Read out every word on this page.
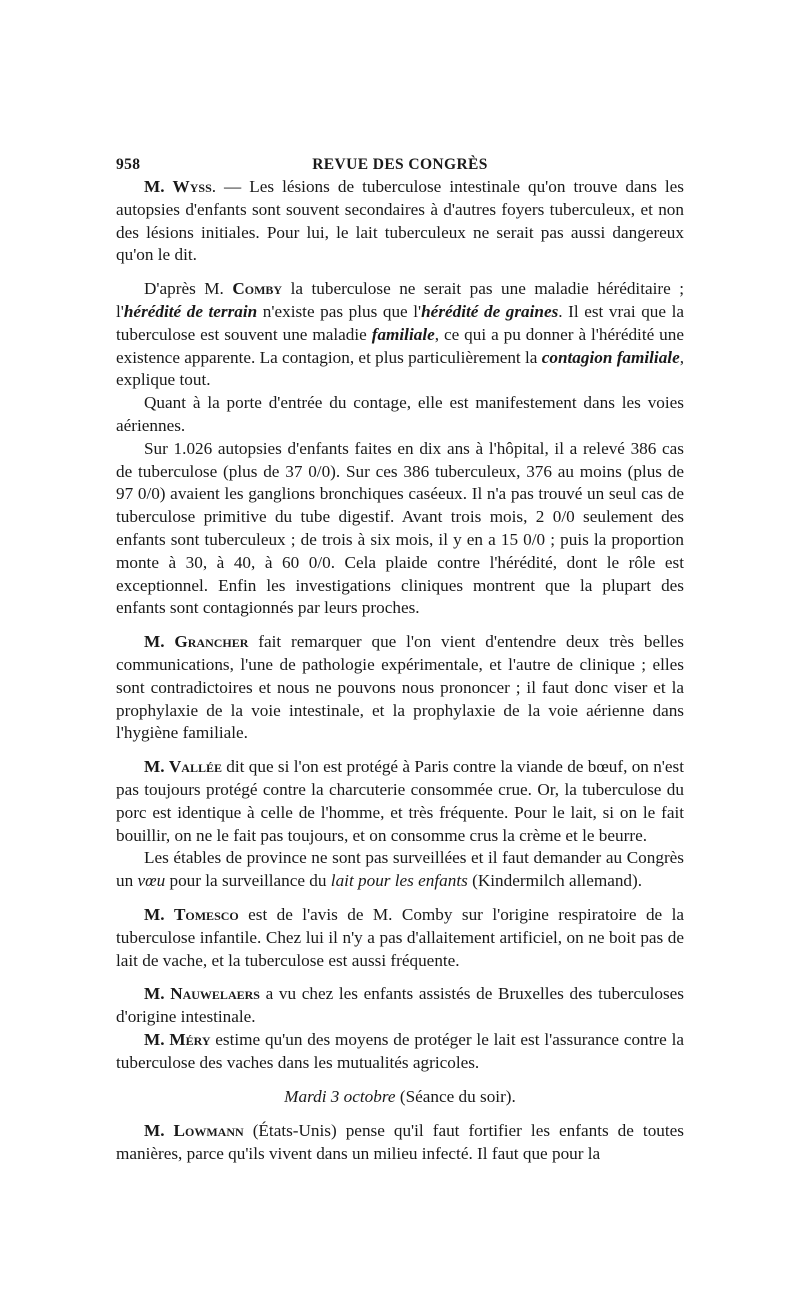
958	REVUE DES CONGRÈS

M. Wyss. — Les lésions de tuberculose intestinale qu'on trouve dans les autopsies d'enfants sont souvent secondaires à d'autres foyers tuberculeux, et non des lésions initiales. Pour lui, le lait tuberculeux ne serait pas aussi dangereux qu'on le dit.

D'après M. Comby la tuberculose ne serait pas une maladie héréditaire ; l'hérédité de terrain n'existe pas plus que l'hérédité de graines. Il est vrai que la tuberculose est souvent une maladie familiale, ce qui a pu donner à l'hérédité une existence apparente. La contagion, et plus particulièrement la contagion familiale, explique tout.

Quant à la porte d'entrée du contage, elle est manifestement dans les voies aériennes.

Sur 1.026 autopsies d'enfants faites en dix ans à l'hôpital, il a relevé 386 cas de tuberculose (plus de 37 0/0). Sur ces 386 tuberculeux, 376 au moins (plus de 97 0/0) avaient les ganglions bronchiques caséeux. Il n'a pas trouvé un seul cas de tuberculose primitive du tube digestif. Avant trois mois, 2 0/0 seulement des enfants sont tuberculeux ; de trois à six mois, il y en a 15 0/0 ; puis la proportion monte à 30, à 40, à 60 0/0. Cela plaide contre l'hérédité, dont le rôle est exceptionnel. Enfin les investigations cliniques montrent que la plupart des enfants sont contagionnés par leurs proches.

M. Grancher fait remarquer que l'on vient d'entendre deux très belles communications, l'une de pathologie expérimentale, et l'autre de clinique ; elles sont contradictoires et nous ne pouvons nous prononcer ; il faut donc viser et la prophylaxie de la voie intestinale, et la prophylaxie de la voie aérienne dans l'hygiène familiale.

M. Vallée dit que si l'on est protégé à Paris contre la viande de bœuf, on n'est pas toujours protégé contre la charcuterie consommée crue. Or, la tuberculose du porc est identique à celle de l'homme, et très fréquente. Pour le lait, si on le fait bouillir, on ne le fait pas toujours, et on consomme crus la crème et le beurre.

Les étables de province ne sont pas surveillées et il faut demander au Congrès un vœu pour la surveillance du lait pour les enfants (Kindermilch allemand).

M. Tomesco est de l'avis de M. Comby sur l'origine respiratoire de la tuberculose infantile. Chez lui il n'y a pas d'allaitement artificiel, on ne boit pas de lait de vache, et la tuberculose est aussi fréquente.

M. Nauwelaers a vu chez les enfants assistés de Bruxelles des tuberculoses d'origine intestinale.

M. Méry estime qu'un des moyens de protéger le lait est l'assurance contre la tuberculose des vaches dans les mutualités agricoles.

Mardi 3 octobre (Séance du soir).

M. Lowmann (États-Unis) pense qu'il faut fortifier les enfants de toutes manières, parce qu'ils vivent dans un milieu infecté. Il faut que pour la
